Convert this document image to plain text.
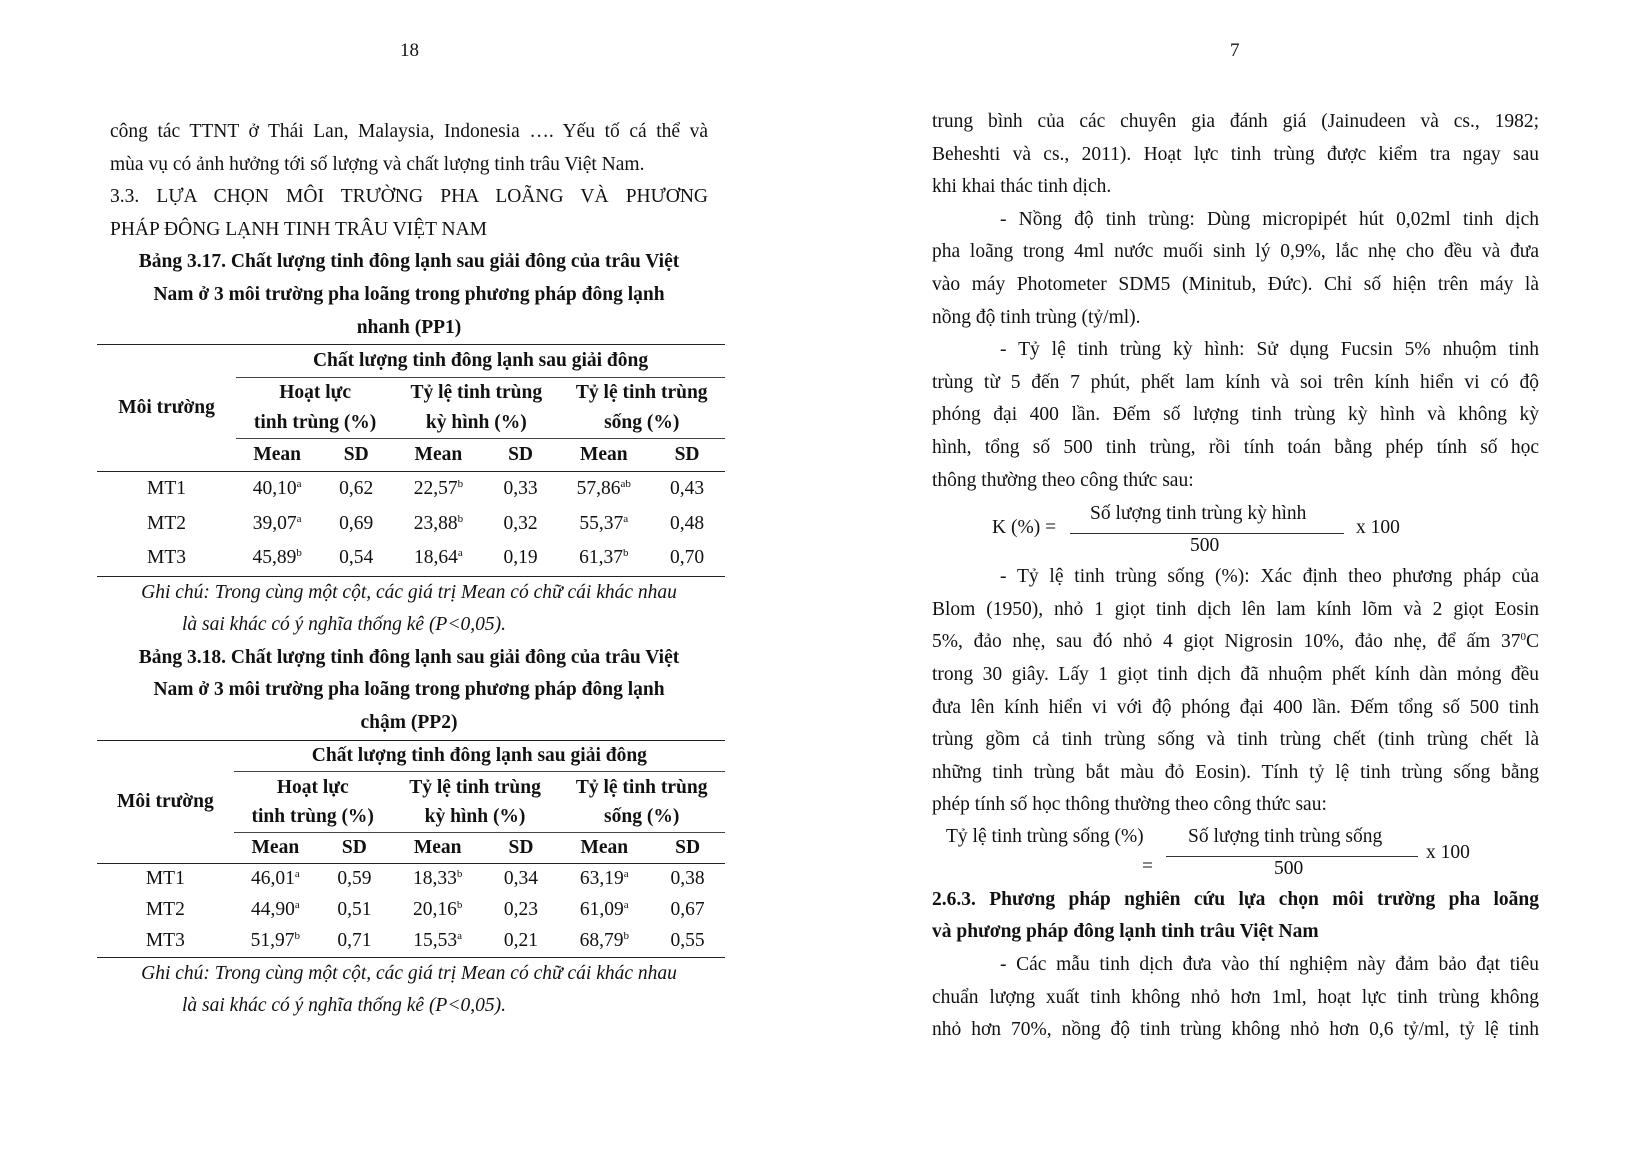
18

công tác TTNT ở Thái Lan, Malaysia, Indonesia …. Yếu tố cá thể và

mùa vụ có ảnh hưởng tới số lượng và chất lượng tinh trâu Việt Nam.

3.3. LỰA CHỌN MÔI TRƯỜNG PHA LOÃNG VÀ PHƯƠNG

PHÁP ĐÔNG LẠNH TINH TRÂU VIỆT NAM

Bảng 3.17. Chất lượng tinh đông lạnh sau giải đông của trâu Việt
Nam ở 3 môi trường pha loãng trong phương pháp đông lạnh
nhanh (PP1)
Môi trường	Chất lượng tinh đông lạnh sau giải đông					
	Hoạt lực
tinh trùng (%)		Tỷ lệ tinh trùng
kỳ hình (%)		Tỷ lệ tinh trùng
sống (%)	
	Mean	SD	Mean	SD	Mean	SD
MT1	40,10$^a$	0,62	22,57$^b$	0,33	57,86$^{ab}$	0,43
MT2	39,07$^a$	0,69	23,88$^b$	0,32	55,37$^a$	0,48
MT3	45,89$^b$	0,54	18,64$^a$	0,19	61,37$^b$	0,70
Ghi chú: Trong cùng một cột, các giá trị Mean có chữ cái khác nhau
là sai khác có ý nghĩa thống kê (P<0,05).
Bảng 3.18. Chất lượng tinh đông lạnh sau giải đông của trâu Việt
Nam ở 3 môi trường pha loãng trong phương pháp đông lạnh
chậm (PP2)
Môi trường	Chất lượng tinh đông lạnh sau giải đông					
	Hoạt lực
tinh trùng (%)		Tỷ lệ tinh trùng
kỳ hình (%)		Tỷ lệ tinh trùng
sống (%)	
	Mean	SD	Mean	SD	Mean	SD
MT1	46,01$^a$	0,59	18,33$^b$	0,34	63,19$^a$	0,38
MT2	44,90$^a$	0,51	20,16$^b$	0,23	61,09$^a$	0,67
MT3	51,97$^b$	0,71	15,53$^a$	0,21	68,79$^b$	0,55
Ghi chú: Trong cùng một cột, các giá trị Mean có chữ cái khác nhau
là sai khác có ý nghĩa thống kê (P<0,05).
7

trung bình của các chuyên gia đánh giá (Jainudeen và cs., 1982;

Beheshti và cs., 2011). Hoạt lực tinh trùng được kiểm tra ngay sau

khi khai thác tinh dịch.

- Nồng độ tinh trùng: Dùng micropipét hút 0,02ml tinh dịch

pha loãng trong 4ml nước muối sinh lý 0,9%, lắc nhẹ cho đều và đưa

vào máy Photometer SDM5 (Minitub, Đức). Chỉ số hiện trên máy là

nồng độ tinh trùng (tỷ/ml).

- Tỷ lệ tinh trùng kỳ hình: Sử dụng Fucsin 5% nhuộm tinh

trùng từ 5 đến 7 phút, phết lam kính và soi trên kính hiển vi có độ

phóng đại 400 lần. Đếm số lượng tinh trùng kỳ hình và không kỳ

hình, tổng số 500 tinh trùng, rồi tính toán bằng phép tính số học

thông thường theo công thức sau:

K (%) =
Số lượng tinh trùng kỳ hình
500
x 100

- Tỷ lệ tinh trùng sống (%): Xác định theo phương pháp của

Blom (1950), nhỏ 1 giọt tinh dịch lên lam kính lõm và 2 giọt Eosin

5%, đảo nhẹ, sau đó nhỏ 4 giọt Nigrosin 10%, đảo nhẹ, để ấm $37^0C$

trong 30 giây. Lấy 1 giọt tinh dịch đã nhuộm phết kính dàn mỏng đều

đưa lên kính hiển vi với độ phóng đại 400 lần. Đếm tổng số 500 tinh

trùng gồm cả tinh trùng sống và tinh trùng chết (tinh trùng chết là

những tinh trùng bắt màu đỏ Eosin). Tính tỷ lệ tinh trùng sống bằng

phép tính số học thông thường theo công thức sau:

Tỷ lệ tinh trùng sống (%)
=
Số lượng tinh trùng sống
500
x 100

2.6.3. Phương pháp nghiên cứu lựa chọn môi trường pha loãng

và phương pháp đông lạnh tinh trâu Việt Nam

- Các mẫu tinh dịch đưa vào thí nghiệm này đảm bảo đạt tiêu

chuẩn lượng xuất tinh không nhỏ hơn 1ml, hoạt lực tinh trùng không

nhỏ hơn 70%, nồng độ tinh trùng không nhỏ hơn 0,6 tỷ/ml, tỷ lệ tinh
